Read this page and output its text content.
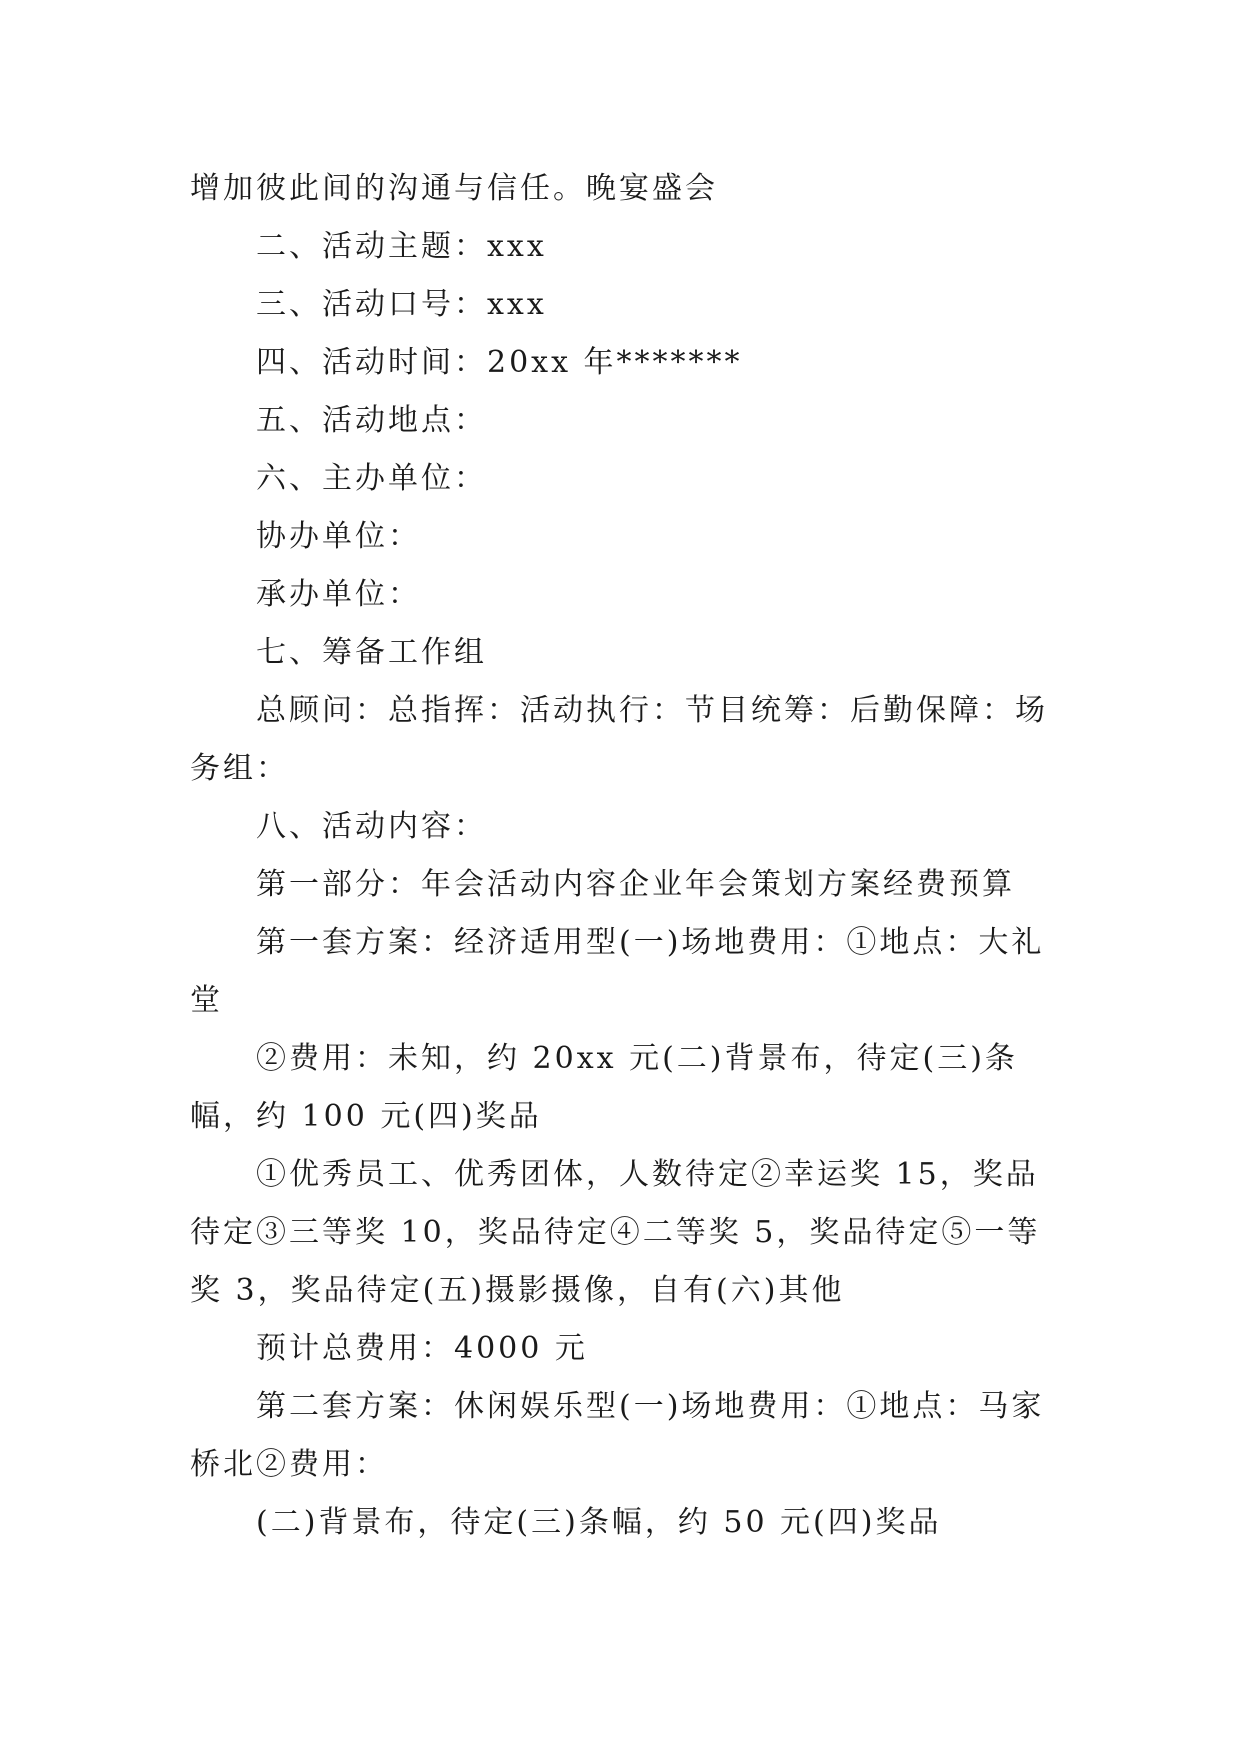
增加彼此间的沟通与信任。晚宴盛会

二、活动主题：xxx

三、活动口号：xxx

四、活动时间：20xx 年*******

五、活动地点：

六、主办单位：

协办单位：

承办单位：

七、筹备工作组

总顾问：总指挥：活动执行：节目统筹：后勤保障：场务组：

八、活动内容：

第一部分：年会活动内容企业年会策划方案经费预算

第一套方案：经济适用型(一)场地费用：①地点：大礼堂

②费用：未知，约 20xx 元(二)背景布，待定(三)条幅，约 100 元(四)奖品

①优秀员工、优秀团体，人数待定②幸运奖 15，奖品待定③三等奖 10，奖品待定④二等奖 5，奖品待定⑤一等奖 3，奖品待定(五)摄影摄像，自有(六)其他

预计总费用：4000 元

第二套方案：休闲娱乐型(一)场地费用：①地点：马家桥北②费用：

(二)背景布，待定(三)条幅，约 50 元(四)奖品
